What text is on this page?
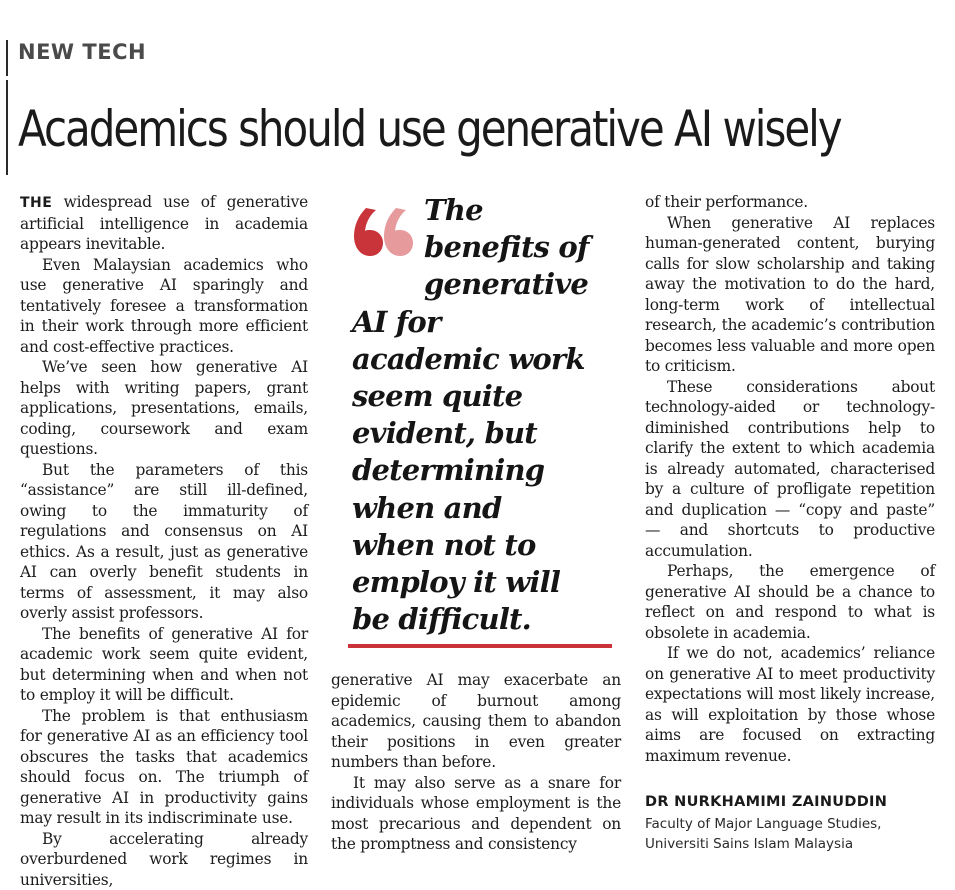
NEW TECH
Academics should use generative AI wisely

THE widespread use of generative artificial intelligence in academia appears inevitable.

Even Malaysian academics who use generative AI sparingly and tentatively foresee a transformation in their work through more efficient and cost-effective practices.

We’ve seen how generative AI helps with writing papers, grant applications, presentations, emails, coding, coursework and exam questions.

But the parameters of this “assistance” are still ill-defined, owing to the immaturity of regulations and consensus on AI ethics. As a result, just as generative AI can overly benefit students in terms of assessment, it may also overly assist professors.

The benefits of generative AI for academic work seem quite evident, but determining when and when not to employ it will be difficult.

The problem is that enthusiasm for generative AI as an efficiency tool obscures the tasks that academics should focus on. The triumph of generative AI in productivity gains may result in its indiscriminate use.

By accelerating already overburdened work regimes in universities,

The
benefits of
generative
AI for
academic work
seem quite
evident, but
determining
when and
when not to
employ it will
be difficult.

generative AI may exacerbate an epidemic of burnout among academics, causing them to abandon their positions in even greater numbers than before.

It may also serve as a snare for individuals whose employment is the most precarious and dependent on the promptness and consistency

of their performance.

When generative AI replaces human-generated content, burying calls for slow scholarship and taking away the motivation to do the hard, long-term work of intellectual research, the academic’s contribution becomes less valuable and more open to criticism.

These considerations about technology-aided or technology-diminished contributions help to clarify the extent to which academia is already automated, characterised by a culture of profligate repetition and duplication — “copy and paste” — and shortcuts to productive accumulation.

Perhaps, the emergence of generative AI should be a chance to reflect on and respond to what is obsolete in academia.

If we do not, academics’ reliance on generative AI to meet productivity expectations will most likely increase, as will exploitation by those whose aims are focused on extracting maximum revenue.

DR NURKHAMIMI ZAINUDDIN
Faculty of Major Language Studies,
Universiti Sains Islam Malaysia
